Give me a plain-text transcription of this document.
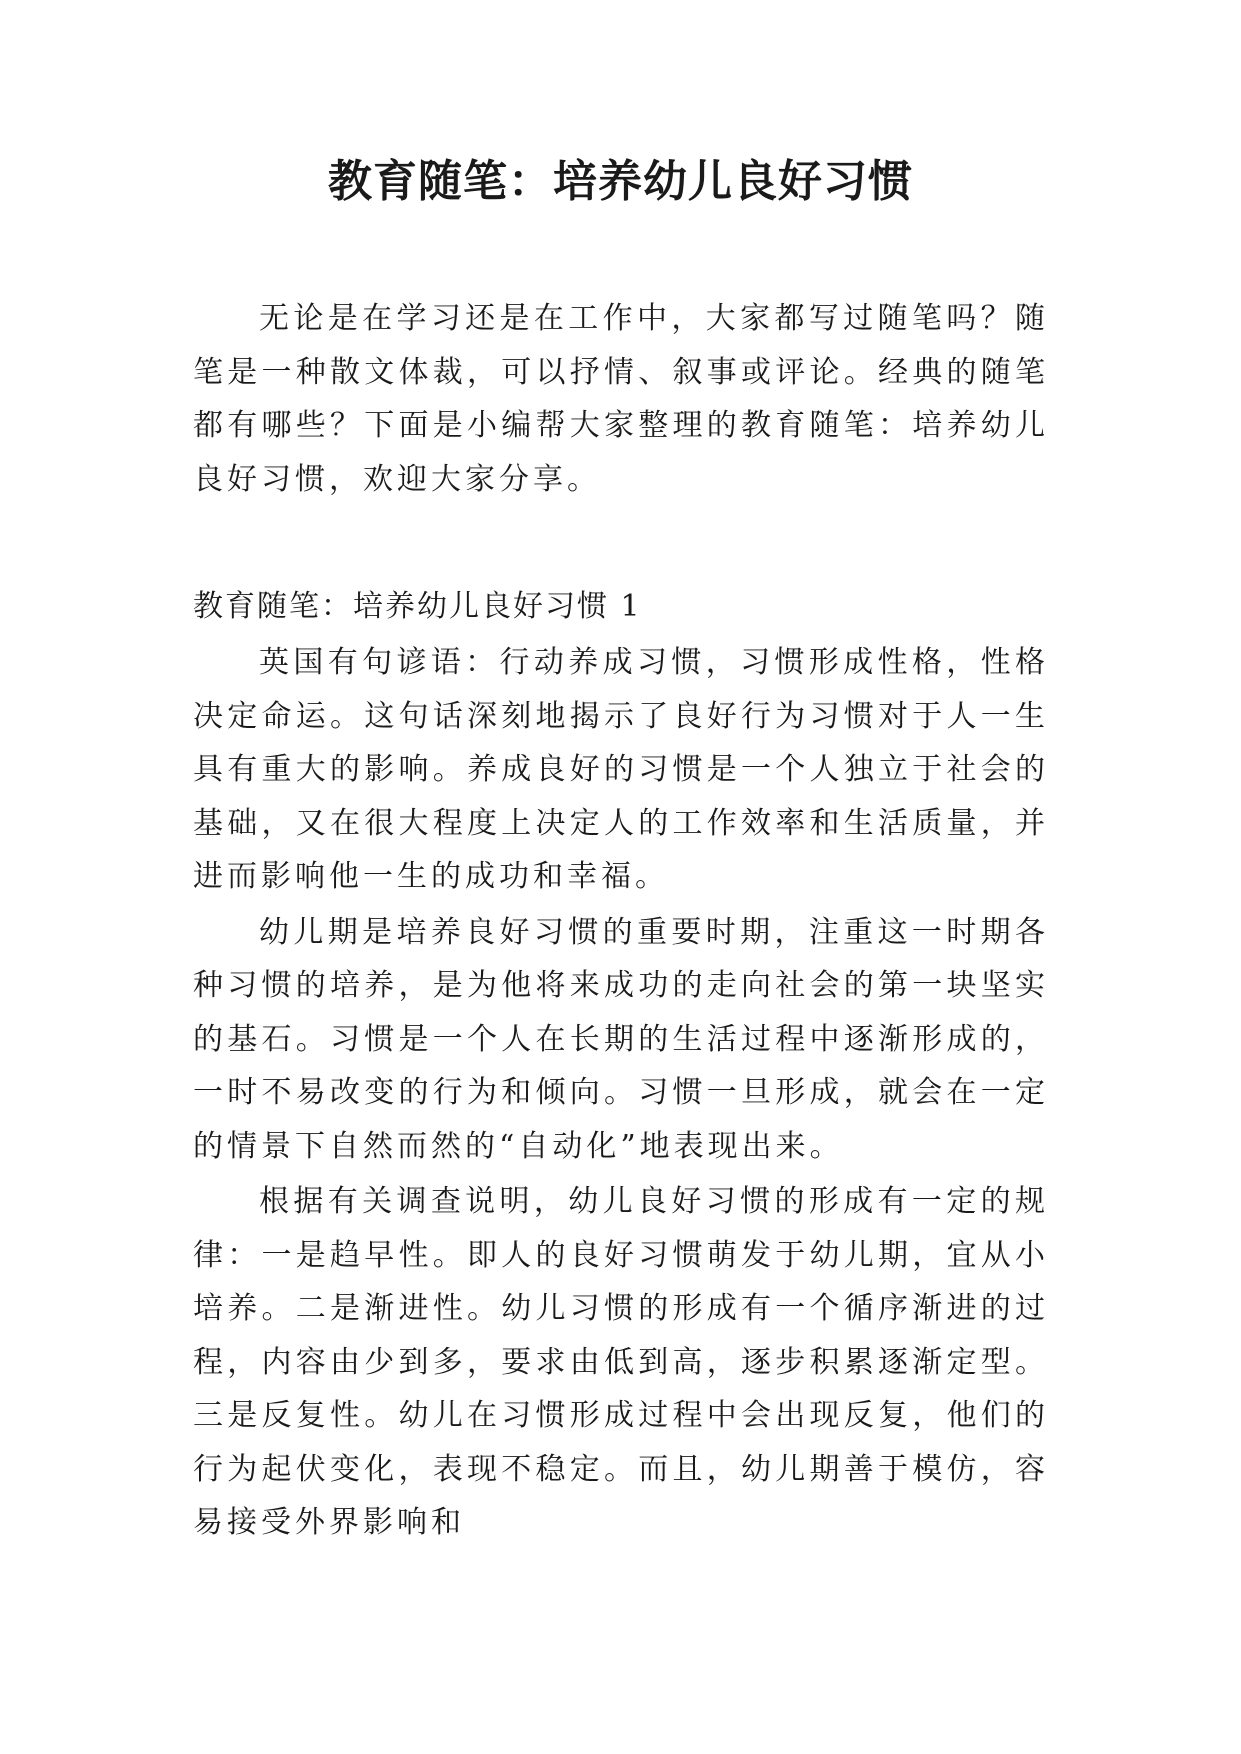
教育随笔：培养幼儿良好习惯

无论是在学习还是在工作中，大家都写过随笔吗？随笔是一种散文体裁，可以抒情、叙事或评论。经典的随笔都有哪些？下面是小编帮大家整理的教育随笔：培养幼儿良好习惯，欢迎大家分享。

教育随笔：培养幼儿良好习惯 1

英国有句谚语：行动养成习惯，习惯形成性格，性格决定命运。这句话深刻地揭示了良好行为习惯对于人一生具有重大的影响。养成良好的习惯是一个人独立于社会的基础，又在很大程度上决定人的工作效率和生活质量，并进而影响他一生的成功和幸福。

幼儿期是培养良好习惯的重要时期，注重这一时期各种习惯的培养，是为他将来成功的走向社会的第一块坚实的基石。习惯是一个人在长期的生活过程中逐渐形成的，一时不易改变的行为和倾向。习惯一旦形成，就会在一定的情景下自然而然的“自动化”地表现出来。

根据有关调查说明，幼儿良好习惯的形成有一定的规律：一是趋早性。即人的良好习惯萌发于幼儿期，宜从小培养。二是渐进性。幼儿习惯的形成有一个循序渐进的过程，内容由少到多，要求由低到高，逐步积累逐渐定型。三是反复性。幼儿在习惯形成过程中会出现反复，他们的行为起伏变化，表现不稳定。而且，幼儿期善于模仿，容易接受外界影响和
